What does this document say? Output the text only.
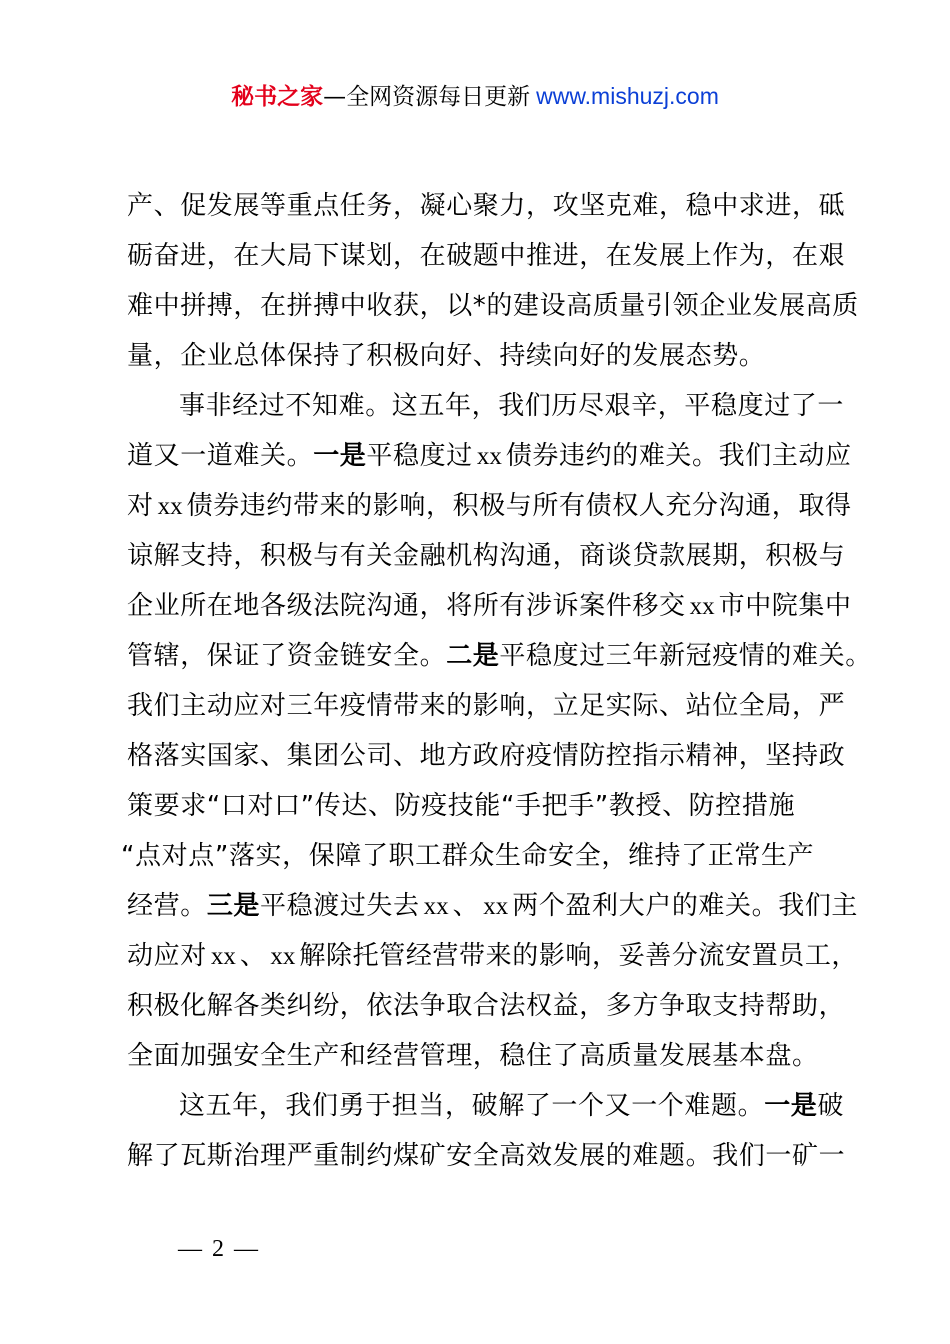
秘书之家—全网资源每日更新 www.mishuzj.com
产、促发展等重点任务，凝心聚力，攻坚克难，稳中求进，砥
砺奋进，在大局下谋划，在破题中推进，在发展上作为，在艰
难中拼搏，在拼搏中收获，以*的建设高质量引领企业发展高质
量，企业总体保持了积极向好、持续向好的发展态势。
事非经过不知难。这五年，我们历尽艰辛，平稳度过了一
道又一道难关。一是平稳度过 xx 债券违约的难关。我们主动应
对 xx 债券违约带来的影响，积极与所有债权人充分沟通，取得
谅解支持，积极与有关金融机构沟通，商谈贷款展期，积极与
企业所在地各级法院沟通，将所有涉诉案件移交 xx 市中院集中
管辖，保证了资金链安全。二是平稳度过三年新冠疫情的难关。
我们主动应对三年疫情带来的影响，立足实际、站位全局，严
格落实国家、集团公司、地方政府疫情防控指示精神，坚持政
策要求“口对口”传达、防疫技能“手把手”教授、防控措施
“点对点”落实，保障了职工群众生命安全，维持了正常生产
经营。三是平稳渡过失去 xx 、 xx 两个盈利大户的难关。我们主
动应对 xx 、 xx 解除托管经营带来的影响，妥善分流安置员工，
积极化解各类纠纷，依法争取合法权益，多方争取支持帮助，
全面加强安全生产和经营管理，稳住了高质量发展基本盘。
这五年，我们勇于担当，破解了一个又一个难题。一是破
解了瓦斯治理严重制约煤矿安全高效发展的难题。我们一矿一
— 2 —
